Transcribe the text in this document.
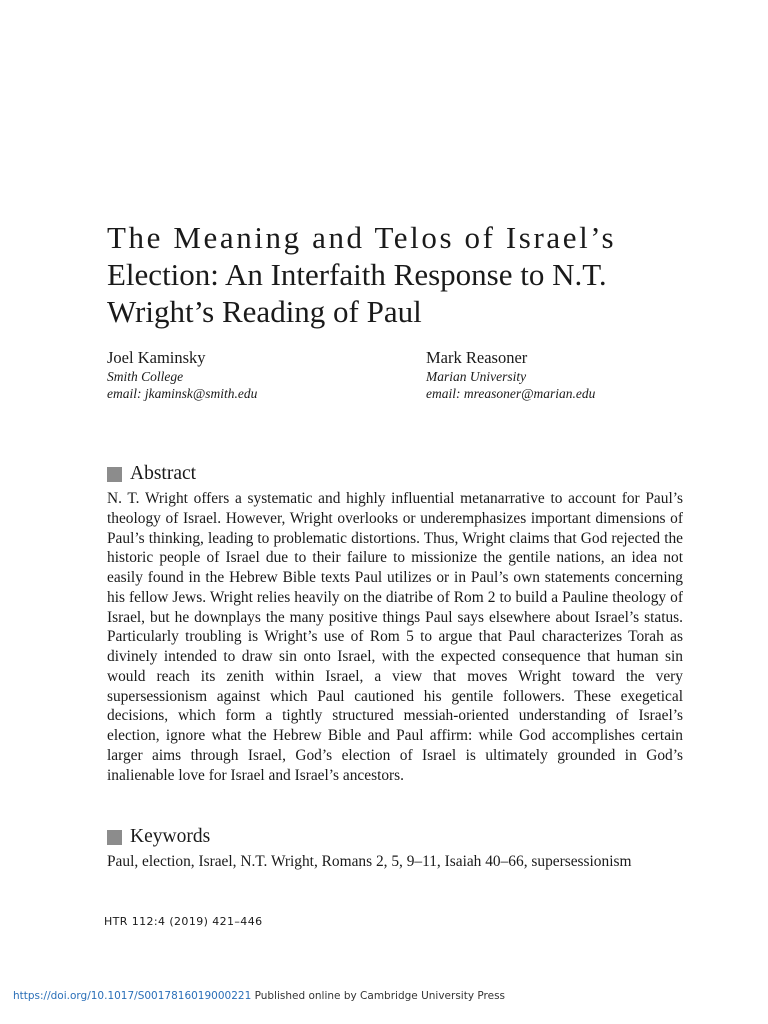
The Meaning and Telos of Israel’s
Election: An Interfaith Response to N.T.
Wright’s Reading of Paul
Joel Kaminsky
Smith College
email: jkaminsk@smith.edu
Mark Reasoner
Marian University
email: mreasoner@marian.edu
Abstract

N. T. Wright offers a systematic and highly influential metanarrative to account for Paul’s theology of Israel. However, Wright overlooks or underemphasizes important dimensions of Paul’s thinking, leading to problematic distortions. Thus, Wright claims that God rejected the historic people of Israel due to their failure to missionize the gentile nations, an idea not easily found in the Hebrew Bible texts Paul utilizes or in Paul’s own statements concerning his fellow Jews. Wright relies heavily on the diatribe of Rom 2 to build a Pauline theology of Israel, but he downplays the many positive things Paul says elsewhere about Israel’s status. Particularly troubling is Wright’s use of Rom 5 to argue that Paul characterizes Torah as divinely intended to draw sin onto Israel, with the expected consequence that human sin would reach its zenith within Israel, a view that moves Wright toward the very supersessionism against which Paul cautioned his gentile followers. These exegetical decisions, which form a tightly structured messiah-oriented understanding of Israel’s election, ignore what the Hebrew Bible and Paul affirm: while God accomplishes certain larger aims through Israel, God’s election of Israel is ultimately grounded in God’s inalienable love for Israel and Israel’s ancestors.

Keywords

Paul, election, Israel, N.T. Wright, Romans 2, 5, 9–11, Isaiah 40–66, supersessionism

HTR 112:4 (2019) 421–446
https://doi.org/10.1017/S0017816019000221 Published online by Cambridge University Press
